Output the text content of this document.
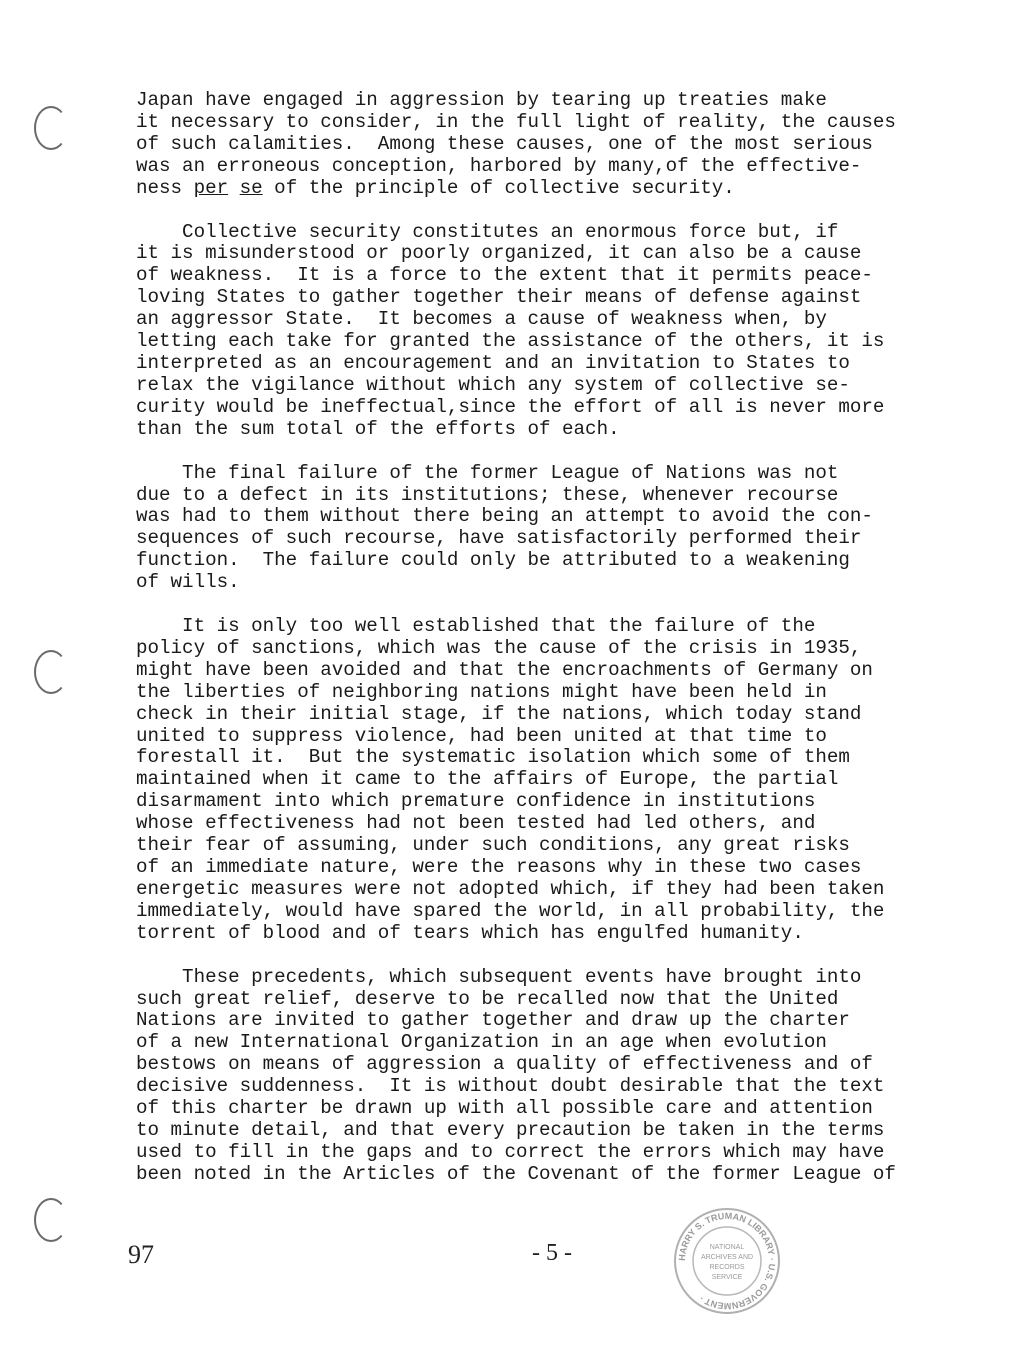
Japan have engaged in aggression by tearing up treaties make
it necessary to consider, in the full light of reality, the causes
of such calamities.  Among these causes, one of the most serious
was an erroneous conception, harbored by many,of the effective-
ness per se of the principle of collective security.

Collective security constitutes an enormous force but, if
it is misunderstood or poorly organized, it can also be a cause
of weakness.  It is a force to the extent that it permits peace-
loving States to gather together their means of defense against
an aggressor State.  It becomes a cause of weakness when, by
letting each take for granted the assistance of the others, it is
interpreted as an encouragement and an invitation to States to
relax the vigilance without which any system of collective se-
curity would be ineffectual,since the effort of all is never more
than the sum total of the efforts of each.

The final failure of the former League of Nations was not
due to a defect in its institutions; these, whenever recourse
was had to them without there being an attempt to avoid the con-
sequences of such recourse, have satisfactorily performed their
function.  The failure could only be attributed to a weakening
of wills.

It is only too well established that the failure of the
policy of sanctions, which was the cause of the crisis in 1935,
might have been avoided and that the encroachments of Germany on
the liberties of neighboring nations might have been held in
check in their initial stage, if the nations, which today stand
united to suppress violence, had been united at that time to
forestall it.  But the systematic isolation which some of them
maintained when it came to the affairs of Europe, the partial
disarmament into which premature confidence in institutions
whose effectiveness had not been tested had led others, and
their fear of assuming, under such conditions, any great risks
of an immediate nature, were the reasons why in these two cases
energetic measures were not adopted which, if they had been taken
immediately, would have spared the world, in all probability, the
torrent of blood and of tears which has engulfed humanity.

These precedents, which subsequent events have brought into
such great relief, deserve to be recalled now that the United
Nations are invited to gather together and draw up the charter
of a new International Organization in an age when evolution
bestows on means of aggression a quality of effectiveness and of
decisive suddenness.  It is without doubt desirable that the text
of this charter be drawn up with all possible care and attention
to minute detail, and that every precaution be taken in the terms
used to fill in the gaps and to correct the errors which may have
been noted in the Articles of the Covenant of the former League of

97	- 5 -	HARRY S. TRUMAN LIBRARY · U.S. GOVERNMENT ·
NATIONAL
ARCHIVES AND
RECORDS
SERVICE
